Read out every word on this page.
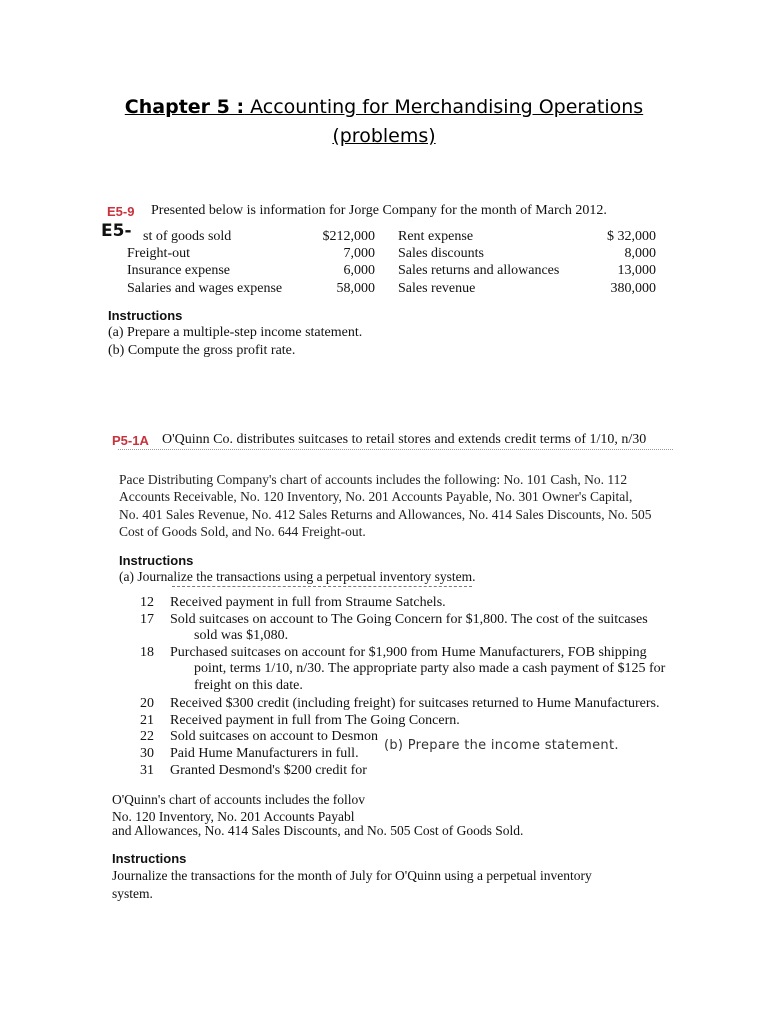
Chapter 5 : Accounting for Merchandising Operations
(problems)
E5-9 Presented below is information for Jorge Company for the month of March 2012.
E5- st of goods sold	$212,000 Rent expense	$ 32,000
Freight-out	7,000 Sales discounts	8,000
Insurance expense	6,000 Sales returns and allowances	13,000
Salaries and wages expense	58,000 Sales revenue	380,000
Instructions
(a) Prepare a multiple-step income statement.
(b) Compute the gross profit rate.
P5-1A O'Quinn Co. distributes suitcases to retail stores and extends credit terms of 1/10, n/30
Pace Distributing Company's chart of accounts includes the following: No. 101 Cash, No. 112
Accounts Receivable, No. 120 Inventory, No. 201 Accounts Payable, No. 301 Owner's Capital,
No. 401 Sales Revenue, No. 412 Sales Returns and Allowances, No. 414 Sales Discounts, No. 505
Cost of Goods Sold, and No. 644 Freight-out.
Instructions
(a) Journalize the transactions using a perpetual inventory system.
12 Received payment in full from Straume Satchels.
17 Sold suitcases on account to The Going Concern for $1,800. The cost of the suitcases
sold was $1,080.
18 Purchased suitcases on account for $1,900 from Hume Manufacturers, FOB shipping
point, terms 1/10, n/30. The appropriate party also made a cash payment of $125 for
freight on this date.
20 Received $300 credit (including freight) for suitcases returned to Hume Manufacturers.
21 Received payment in full from The Going Concern.
22 Sold suitcases on account to Desmon
30 Paid Hume Manufacturers in full.
31 Granted Desmond's $200 credit for
(b) Prepare the income statement.
O'Quinn's chart of accounts includes the follov
No. 120 Inventory, No. 201 Accounts Payabl
and Allowances, No. 414 Sales Discounts, and No. 505 Cost of Goods Sold.
Instructions
Journalize the transactions for the month of July for O'Quinn using a perpetual inventory
system.
